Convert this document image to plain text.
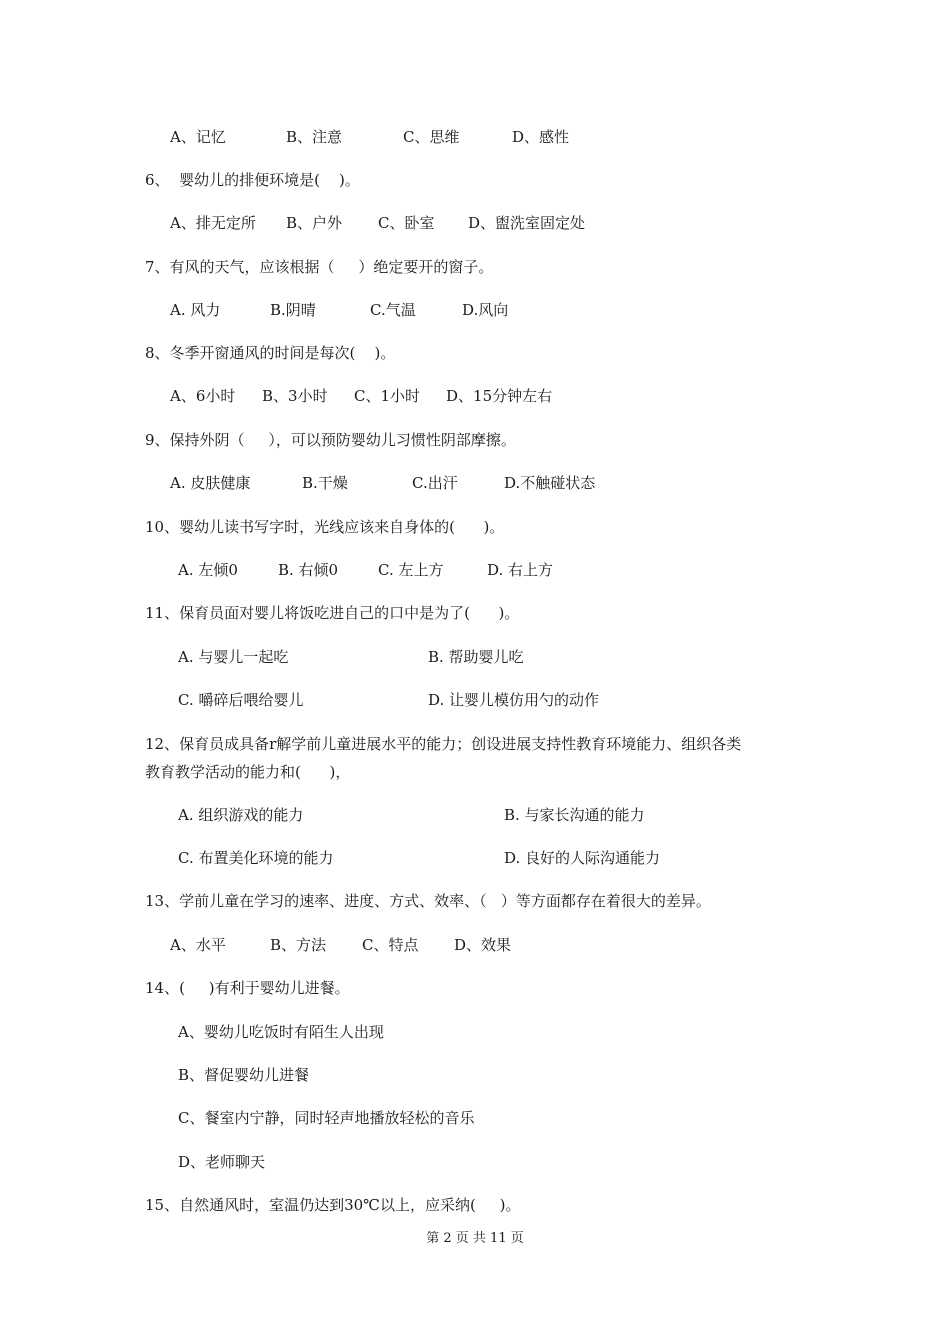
A、记忆	B、注意	C、思维	D、感性
6、  婴幼儿的排便环境是(    )。
A、排无定所 B、户外 C、卧室 D、盥洗室固定处
7、有风的天气，应该根据（     ）绝定要开的窗子。
A. 风力	B.阴晴	C.气温	D.风向
8、冬季开窗通风的时间是每次(    )。
A、6小时 B、3小时 C、1小时 D、15分钟左右
9、保持外阴（     ），可以预防婴幼儿习惯性阴部摩擦。
A. 皮肤健康	B.干燥	C.出汗	D.不触碰状态
10、婴幼儿读书写字时，光线应该来自身体的(      )。
A. 左倾0	B. 右倾0	C. 左上方	D. 右上方
11、保育员面对婴儿将饭吃进自己的口中是为了(      )。
A. 与婴儿一起吃	B. 帮助婴儿吃
C. 嚼碎后喂给婴儿	D. 让婴儿模仿用勺的动作
12、保育员成具备r解学前儿童进展水平的能力；创设进展支持性教育环境能力、组织各类
教育教学活动的能力和(      )，
A. 组织游戏的能力	B. 与家长沟通的能力
C. 布置美化环境的能力	D. 良好的人际沟通能力
13、学前儿童在学习的速率、进度、方式、效率、（   ）等方面都存在着很大的差异。
A、水平	B、方法 C、特点 D、效果
14、(     )有利于婴幼儿进餐。
A、婴幼儿吃饭时有陌生人出现
B、督促婴幼儿进餐
C、餐室内宁静，同时轻声地播放轻松的音乐
D、老师聊天
15、自然通风时，室温仍达到30℃以上，应采纳(     )。
第 2 页 共 11 页
